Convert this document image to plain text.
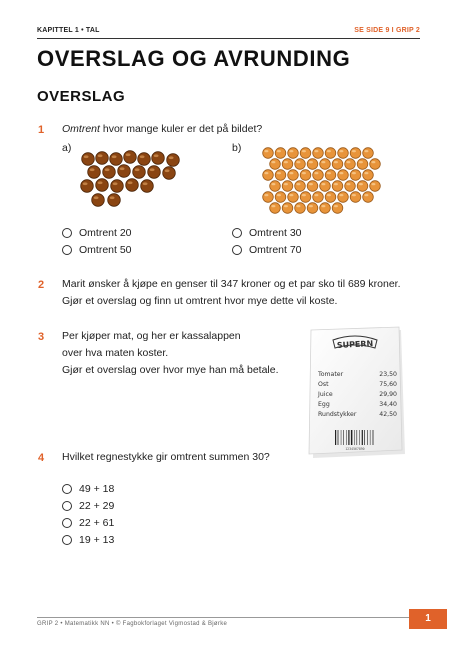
KAPITTEL 1 • TAL	SE SIDE 9 I GRIP 2
OVERSLAG OG AVRUNDING
OVERSLAG
1 Omtrent hvor mange kuler er det på bildet?
a)	b)
Omtrent 20
Omtrent 50
Omtrent 30
Omtrent 70
2 Marit ønsker å kjøpe en genser til 347 kroner og et par sko til 689 kroner.
Gjør et overslag og finn ut omtrent hvor mye dette vil koste.
3 Per kjøper mat, og her er kassalappen
over hva maten koster.
Gjør et overslag over hvor mye han må betale.
SUPERN
Tomater	23,50
Ost	75,60
Juice	29,90
Egg	34,40
Rundstykker	42,50
1234567890
4 Hvilket regnestykke gir omtrent summen 30?
49 + 18
22 + 29
22 + 61
19 + 13
GRIP 2 • Matematikk NN • © Fagbokforlaget Vigmostad & Bjørke	1
